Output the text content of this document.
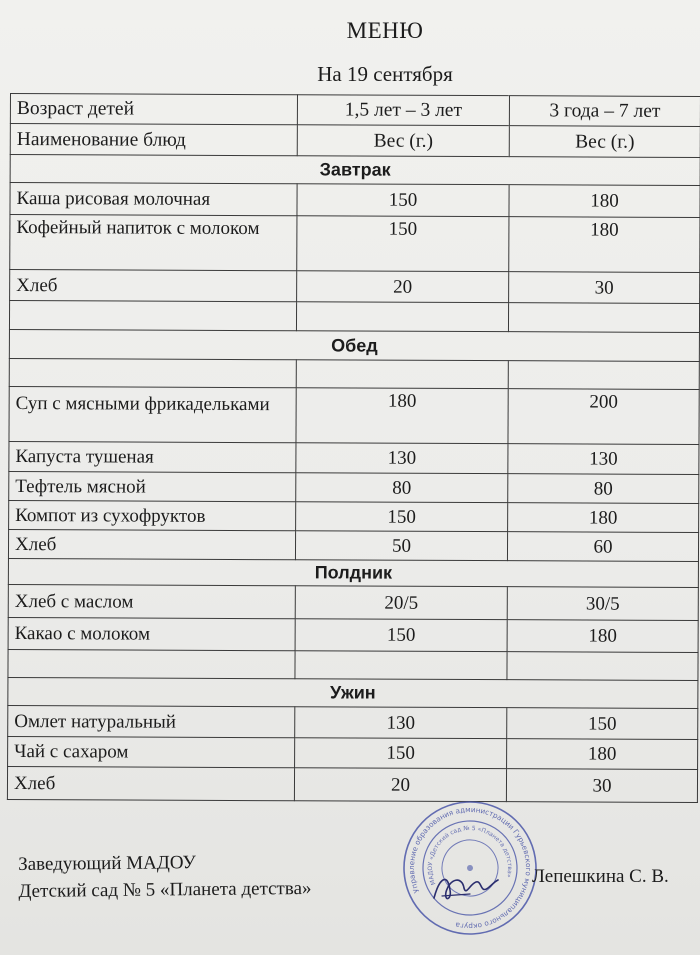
МЕНЮ
На 19 сентября
Возраст детей	1,5 лет – 3 лет	3 года – 7 лет
Наименование блюд	Вес (г.)	Вес (г.)
Завтрак		
Каша рисовая молочная	150	180
Кофейный напиток с молоком	150	180
Хлеб	20	30

Обед		

Суп с мясными фрикадельками	180	200
Капуста тушеная	130	130
Тефтель мясной	80	80
Компот из сухофруктов	150	180
Хлеб	50	60
Полдник		
Хлеб с маслом	20/5	30/5
Какао с молоком	150	180

Ужин		
Омлет натуральный	130	150
Чай с сахаром	150	180
Хлеб	20	30
Заведующий МАДОУ
Детский сад № 5 «Планета детства»	Управление образования администрации Гурьевского муниципального округа
МАДОУ «Детский сад № 5 «Планета детства»	Лепешкина С. В.
